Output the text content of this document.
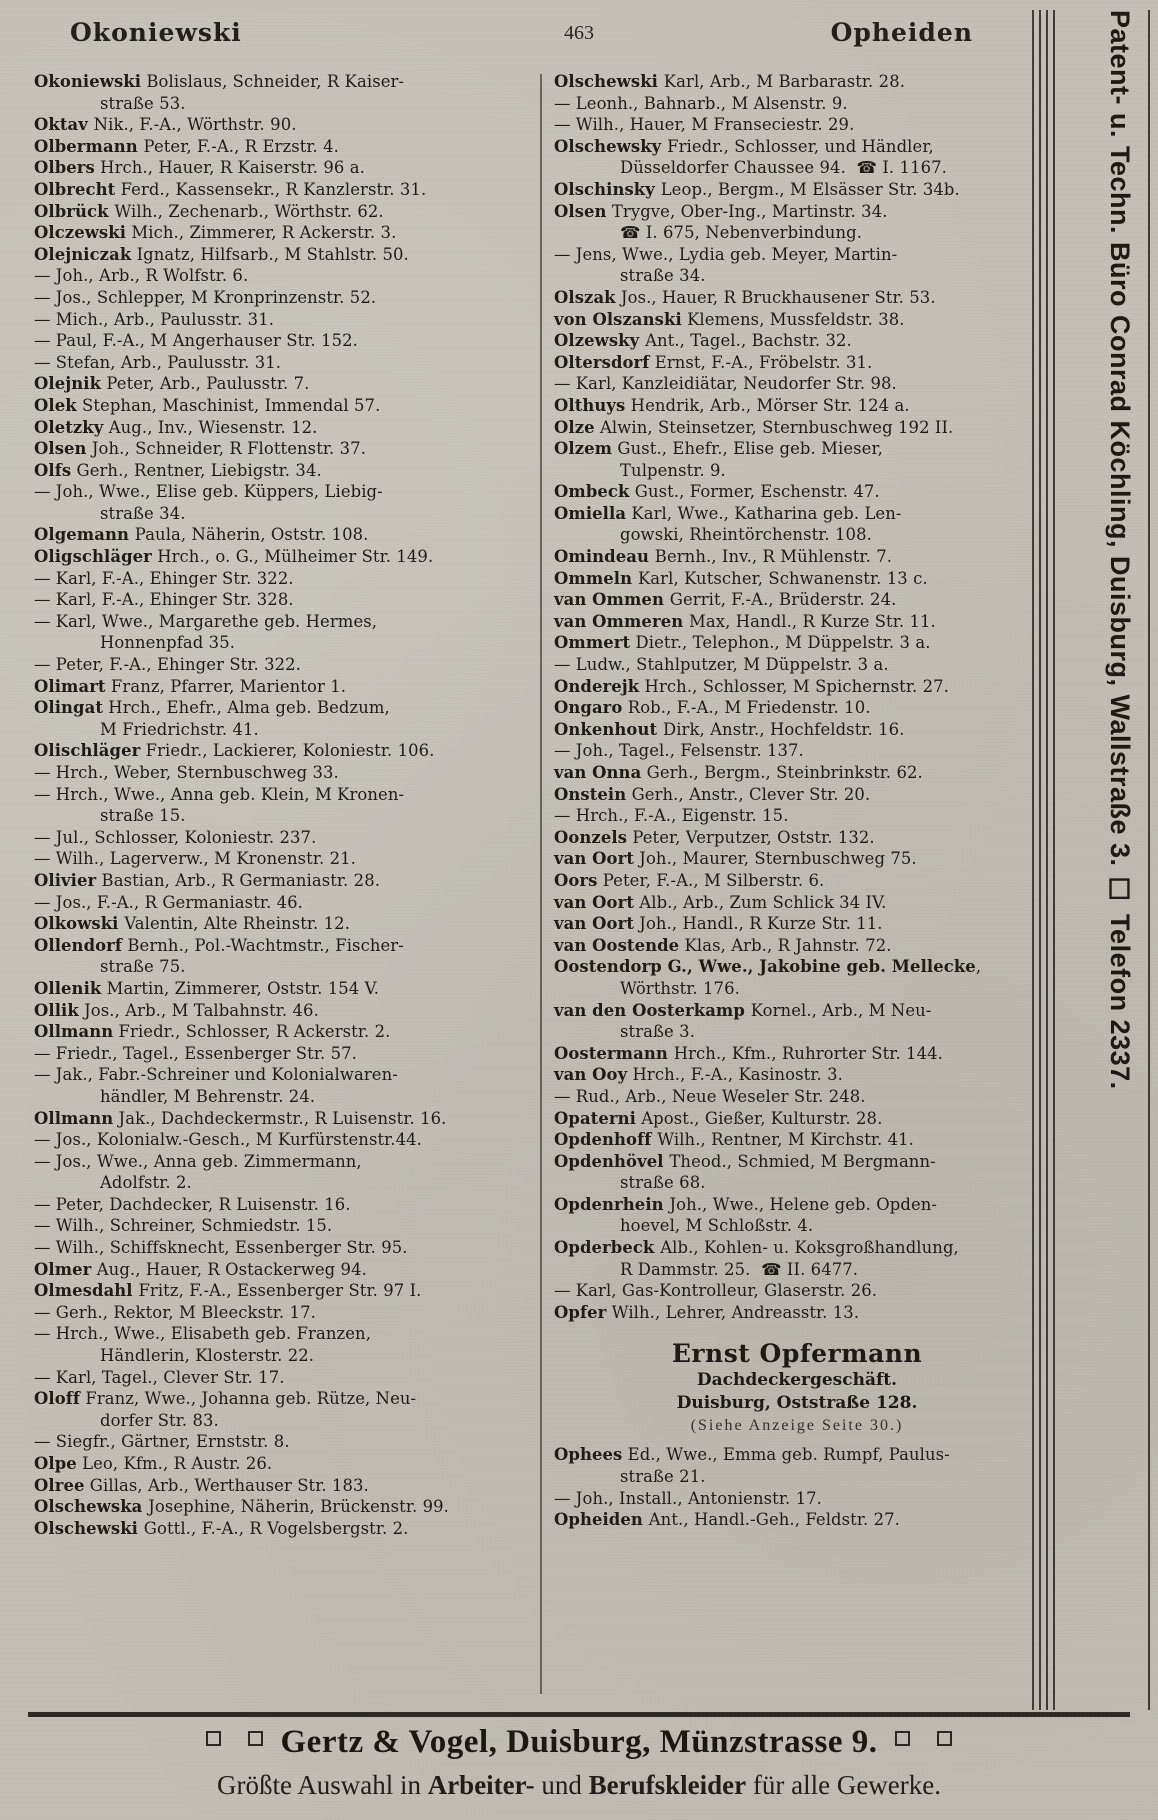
Okoniewski	463	Opheiden

Okoniewski Bolislaus, Schneider, R Kaiser-

straße 53.

Oktav Nik., F.-A., Wörthstr. 90.

Olbermann Peter, F.-A., R Erzstr. 4.

Olbers Hrch., Hauer, R Kaiserstr. 96 a.

Olbrecht Ferd., Kassensekr., R Kanzlerstr. 31.

Olbrück Wilh., Zechenarb., Wörthstr. 62.

Olczewski Mich., Zimmerer, R Ackerstr. 3.

Olejniczak Ignatz, Hilfsarb., M Stahlstr. 50.

— Joh., Arb., R Wolfstr. 6.

— Jos., Schlepper, M Kronprinzenstr. 52.

— Mich., Arb., Paulusstr. 31.

— Paul, F.-A., M Angerhauser Str. 152.

— Stefan, Arb., Paulusstr. 31.

Olejnik Peter, Arb., Paulusstr. 7.

Olek Stephan, Maschinist, Immendal 57.

Oletzky Aug., Inv., Wiesenstr. 12.

Olsen Joh., Schneider, R Flottenstr. 37.

Olfs Gerh., Rentner, Liebigstr. 34.

— Joh., Wwe., Elise geb. Küppers, Liebig-

straße 34.

Olgemann Paula, Näherin, Oststr. 108.

Oligschläger Hrch., o. G., Mülheimer Str. 149.

— Karl, F.-A., Ehinger Str. 322.

— Karl, F.-A., Ehinger Str. 328.

— Karl, Wwe., Margarethe geb. Hermes,

Honnenpfad 35.

— Peter, F.-A., Ehinger Str. 322.

Olimart Franz, Pfarrer, Marientor 1.

Olingat Hrch., Ehefr., Alma geb. Bedzum,

M Friedrichstr. 41.

Olischläger Friedr., Lackierer, Koloniestr. 106.

— Hrch., Weber, Sternbuschweg 33.

— Hrch., Wwe., Anna geb. Klein, M Kronen-

straße 15.

— Jul., Schlosser, Koloniestr. 237.

— Wilh., Lagerverw., M Kronenstr. 21.

Olivier Bastian, Arb., R Germaniastr. 28.

— Jos., F.-A., R Germaniastr. 46.

Olkowski Valentin, Alte Rheinstr. 12.

Ollendorf Bernh., Pol.-Wachtmstr., Fischer-

straße 75.

Ollenik Martin, Zimmerer, Oststr. 154 V.

Ollik Jos., Arb., M Talbahnstr. 46.

Ollmann Friedr., Schlosser, R Ackerstr. 2.

— Friedr., Tagel., Essenberger Str. 57.

— Jak., Fabr.-Schreiner und Kolonialwaren-

händler, M Behrenstr. 24.

Ollmann Jak., Dachdeckermstr., R Luisenstr. 16.

— Jos., Kolonialw.-Gesch., M Kurfürstenstr.44.

— Jos., Wwe., Anna geb. Zimmermann,

Adolfstr. 2.

— Peter, Dachdecker, R Luisenstr. 16.

— Wilh., Schreiner, Schmiedstr. 15.

— Wilh., Schiffsknecht, Essenberger Str. 95.

Olmer Aug., Hauer, R Ostackerweg 94.

Olmesdahl Fritz, F.-A., Essenberger Str. 97 I.

— Gerh., Rektor, M Bleeckstr. 17.

— Hrch., Wwe., Elisabeth geb. Franzen,

Händlerin, Klosterstr. 22.

— Karl, Tagel., Clever Str. 17.

Oloff Franz, Wwe., Johanna geb. Rütze, Neu-

dorfer Str. 83.

— Siegfr., Gärtner, Ernststr. 8.

Olpe Leo, Kfm., R Austr. 26.

Olree Gillas, Arb., Werthauser Str. 183.

Olschewska Josephine, Näherin, Brückenstr. 99.

Olschewski Gottl., F.-A., R Vogelsbergstr. 2.

Olschewski Karl, Arb., M Barbarastr. 28.

— Leonh., Bahnarb., M Alsenstr. 9.

— Wilh., Hauer, M Franseciestr. 29.

Olschewsky Friedr., Schlosser, und Händler,

Düsseldorfer Chaussee 94.  ☎ I. 1167.

Olschinsky Leop., Bergm., M Elsässer Str. 34b.

Olsen Trygve, Ober-Ing., Martinstr. 34.

☎ I. 675, Nebenverbindung.

— Jens, Wwe., Lydia geb. Meyer, Martin-

straße 34.

Olszak Jos., Hauer, R Bruckhausener Str. 53.

von Olszanski Klemens, Mussfeldstr. 38.

Olzewsky Ant., Tagel., Bachstr. 32.

Oltersdorf Ernst, F.-A., Fröbelstr. 31.

— Karl, Kanzleidiätar, Neudorfer Str. 98.

Olthuys Hendrik, Arb., Mörser Str. 124 a.

Olze Alwin, Steinsetzer, Sternbuschweg 192 II.

Olzem Gust., Ehefr., Elise geb. Mieser,

Tulpenstr. 9.

Ombeck Gust., Former, Eschenstr. 47.

Omiella Karl, Wwe., Katharina geb. Len-

gowski, Rheintörchenstr. 108.

Omindeau Bernh., Inv., R Mühlenstr. 7.

Ommeln Karl, Kutscher, Schwanenstr. 13 c.

van Ommen Gerrit, F.-A., Brüderstr. 24.

van Ommeren Max, Handl., R Kurze Str. 11.

Ommert Dietr., Telephon., M Düppelstr. 3 a.

— Ludw., Stahlputzer, M Düppelstr. 3 a.

Onderejk Hrch., Schlosser, M Spichernstr. 27.

Ongaro Rob., F.-A., M Friedenstr. 10.

Onkenhout Dirk, Anstr., Hochfeldstr. 16.

— Joh., Tagel., Felsenstr. 137.

van Onna Gerh., Bergm., Steinbrinkstr. 62.

Onstein Gerh., Anstr., Clever Str. 20.

— Hrch., F.-A., Eigenstr. 15.

Oonzels Peter, Verputzer, Oststr. 132.

van Oort Joh., Maurer, Sternbuschweg 75.

Oors Peter, F.-A., M Silberstr. 6.

van Oort Alb., Arb., Zum Schlick 34 IV.

van Oort Joh., Handl., R Kurze Str. 11.

van Oostende Klas, Arb., R Jahnstr. 72.

Oostendorp G., Wwe., Jakobine geb. Mellecke,

Wörthstr. 176.

van den Oosterkamp Kornel., Arb., M Neu-

straße 3.

Oostermann Hrch., Kfm., Ruhrorter Str. 144.

van Ooy Hrch., F.-A., Kasinostr. 3.

— Rud., Arb., Neue Weseler Str. 248.

Opaterni Apost., Gießer, Kulturstr. 28.

Opdenhoff Wilh., Rentner, M Kirchstr. 41.

Opdenhövel Theod., Schmied, M Bergmann-

straße 68.

Opdenrhein Joh., Wwe., Helene geb. Opden-

hoevel, M Schloßstr. 4.

Opderbeck Alb., Kohlen- u. Koksgroßhandlung,

R Dammstr. 25.  ☎ II. 6477.

— Karl, Gas-Kontrolleur, Glaserstr. 26.

Opfer Wilh., Lehrer, Andreasstr. 13.

Ernst Opfermann
Dachdeckergeschäft.
Duisburg, Oststraße 128.
(Siehe Anzeige Seite 30.)

Ophees Ed., Wwe., Emma geb. Rumpf, Paulus-

straße 21.

— Joh., Install., Antonienstr. 17.

Opheiden Ant., Handl.-Geh., Feldstr. 27.

Patent- u. Techn. Büro Conrad Köchling, Duisburg, Wallstraße 3. ☐ Telefon 2337.
Gertz & Vogel, Duisburg, Münzstrasse 9.
Größte Auswahl in Arbeiter- und Berufskleider für alle Gewerke.
